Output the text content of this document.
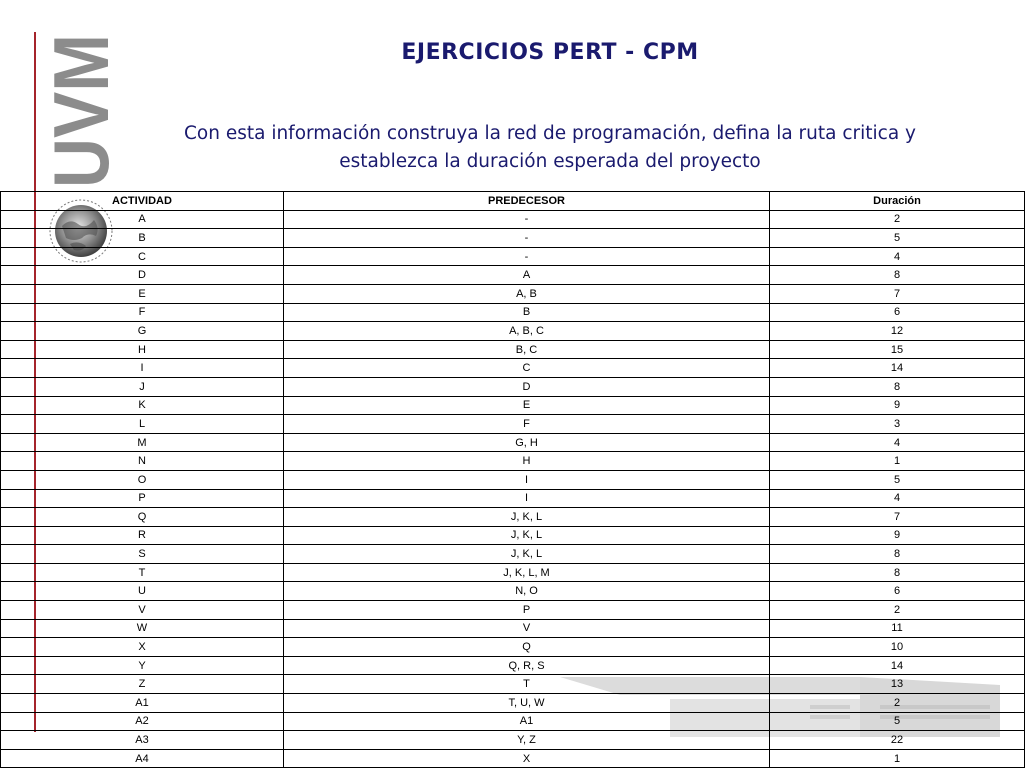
UVM	EJERCICIOS PERT - CPM
Con esta información construya la red de programación, defina la ruta critica y establezca la duración esperada del proyecto
ACTIVIDAD	PREDECESOR	Duración
A	-	2
B	-	5
C	-	4
D	A	8
E	A, B	7
F	B	6
G	A, B, C	12
H	B, C	15
I	C	14
J	D	8
K	E	9
L	F	3
M	G, H	4
N	H	1
O	I	5
P	I	4
Q	J, K, L	7
R	J, K, L	9
S	J, K, L	8
T	J, K, L, M	8
U	N, O	6
V	P	2
W	V	11
X	Q	10
Y	Q, R, S	14
Z	T	13
A1	T, U, W	2
A2	A1	5
A3	Y, Z	22
A4	X	1
